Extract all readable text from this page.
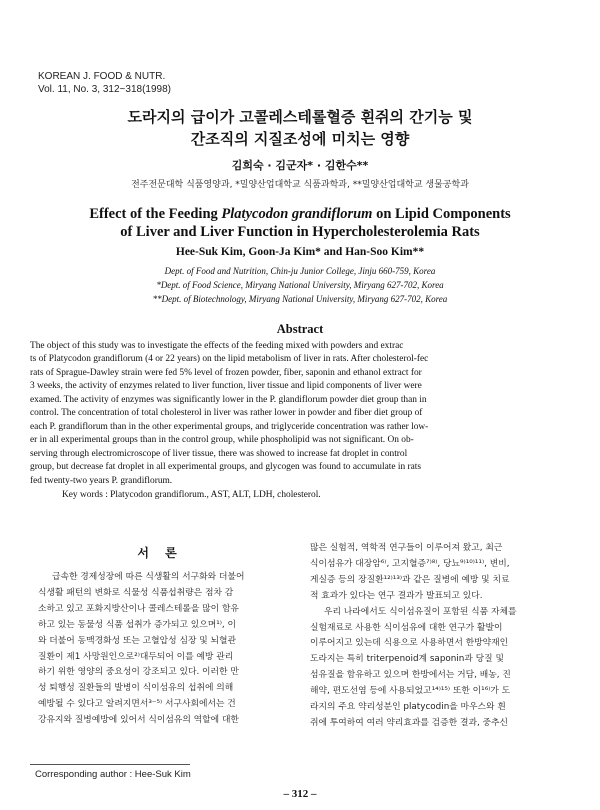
KOREAN J. FOOD & NUTR.
Vol. 11, No. 3, 312~318(1998)
도라지의 급이가 고콜레스테롤혈증 흰쥐의 간기능 및
간조직의 지질조성에 미치는 영향
김희숙 · 김군자* · 김한수**
전주전문대학 식품영양과, *밀양산업대학교 식품과학과, **밀양산업대학교 생물공학과
Effect of the Feeding Platycodon grandiflorum on Lipid Components
of Liver and Liver Function in Hypercholesterolemia Rats
Hee-Suk Kim, Goon-Ja Kim* and Han-Soo Kim**
Dept. of Food and Nutrition, Chin-ju Junior College, Jinju 660-759, Korea
*Dept. of Food Science, Miryang National University, Miryang 627-702, Korea
**Dept. of Biotechnology, Miryang National University, Miryang 627-702, Korea
Abstract
The object of this study was to investigate the effects of the feeding mixed with powders and extrac
ts of Platycodon grandiflorum (4 or 22 years) on the lipid metabolism of liver in rats. After cholesterol-fec
rats of Sprague-Dawley strain were fed 5% level of frozen powder, fiber, saponin and ethanol extract for
3 weeks, the activity of enzymes related to liver function, liver tissue and lipid components of liver were
examed. The activity of enzymes was significantly lower in the P. glandiflorum powder diet group than in
control. The concentration of total cholesterol in liver was rather lower in powder and fiber diet group of
each P. grandiflorum than in the other experimental groups, and triglyceride concentration was rather low-
er in all experimental groups than in the control group, while phospholipid was not significant. On ob-
serving through electromicroscope of liver tissue, there was showed to increase fat droplet in control
group, but decrease fat droplet in all experimental groups, and glycogen was found to accumulate in rats
fed twenty-two years P. grandiflorum.
Key words : Platycodon grandiflorum., AST, ALT, LDH, cholesterol.
서 론
급속한 경제성장에 따른 식생활의 서구화와 더불어
식생활 패턴의 변화로 식물성 식품섭취량은 점차 감
소하고 있고 포화지방산이나 콜레스테롤을 많이 함유
하고 있는 동물성 식품 섭취가 증가되고 있으며¹⁾, 이
와 더불어 동맥경화성 또는 고혈압성 심장 및 뇌혈관
질환이 제1 사망원인으로²⁾대두되어 이를 예방 관리
하기 위한 영양의 중요성이 강조되고 있다. 이러한 만
성 퇴행성 질환들의 발병이 식이섬유의 섭취에 의해
예방될 수 있다고 알려지면서³⁻⁵⁾ 서구사회에서는 건
강유지와 질병예방에 있어서 식이섬유의 역할에 대한
많은 실험적, 역학적 연구들이 이루어져 왔고, 최근
식이섬유가 대장암⁶⁾, 고지혈증⁷⁾⁸⁾, 당뇨⁹⁾¹⁰⁾¹¹⁾, 변비,
게실증 등의 장질환¹²⁾¹³⁾과 같은 질병에 예방 및 치료
적 효과가 있다는 연구 결과가 발표되고 있다.
우리 나라에서도 식이섬유질이 포함된 식품 자체를
실험재료로 사용한 식이섬유에 대한 연구가 활발이
이루어지고 있는데 식용으로 사용하면서 한방약재인
도라지는 특히 triterpenoid계 saponin과 당질 및
섬유질을 함유하고 있으며 한방에서는 거담, 배농, 진
해약, 편도선염 등에 사용되었고¹⁴⁾¹⁵⁾ 또한 이¹⁶⁾가 도
라지의 주요 약리성분인 platycodin을 마우스와 흰
쥐에 투여하여 여러 약리효과를 검증한 결과, 중추신
Corresponding author : Hee-Suk Kim
– 312 –
